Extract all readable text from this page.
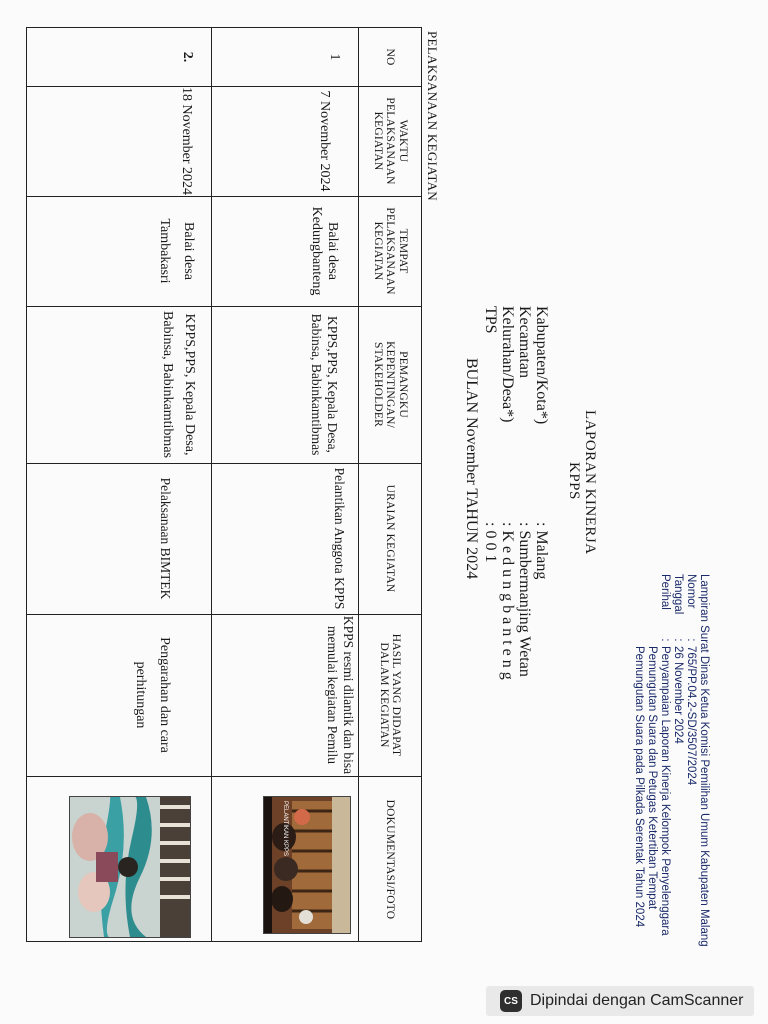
Lampiran Surat Dinas Ketua Komisi Pemilihan Umum Kabupaten Malang
Nomor
:
765/PP.04.2-SD/3507/2024
Tanggal
:
26 November 2024
Perihal
:
Penyampaian Laporan Kinerja Kelompok Penyelenggara
Pemungutan Suara dan Petugas Ketertiban Tempat
Pemungutan Suara pada Pilkada Serentak Tahun 2024
LAPORAN KINERJA
KPPS
Kabupaten/Kota*)
: Malang
Kecamatan
: Sumbermanjing Wetan
Kelurahan/Desa*)
: K e d u n g b a n t e n g
TPS
: 0 0 1
BULAN November TAHUN 2024
PELAKSANAAN KEGIATAN
NO
WAKTU
PELAKSANAAN
KEGIATAN
TEMPAT
PELAKSANAAN
KEGIATAN
PEMANGKU
KEPENTINGAN/
STAKEHOLDER
URAIAN KEGIATAN
HASIL YANG DIDAPAT
DALAM KEGIATAN
DOKUMENTASI/FOTO
1
7 November 2024
Balai desa
Kedungbanteng
KPPS,PPS, Kepala Desa,
Babinsa, Babinkamtibmas
Pelantikan Anggota KPPS
KPPS resmi dilantik dan bisa
memulai kegiatan Pemilu
PELANTIKAN KPPS
2.
18 November 2024
Balai desa
Tambakasri
KPPS,PPS, Kepala Desa,
Babinsa, Babinkamtibmas
Pelaksanaan BIMTEK
Pengarahan dan cara
perhitungan
CS Dipindai dengan CamScanner
